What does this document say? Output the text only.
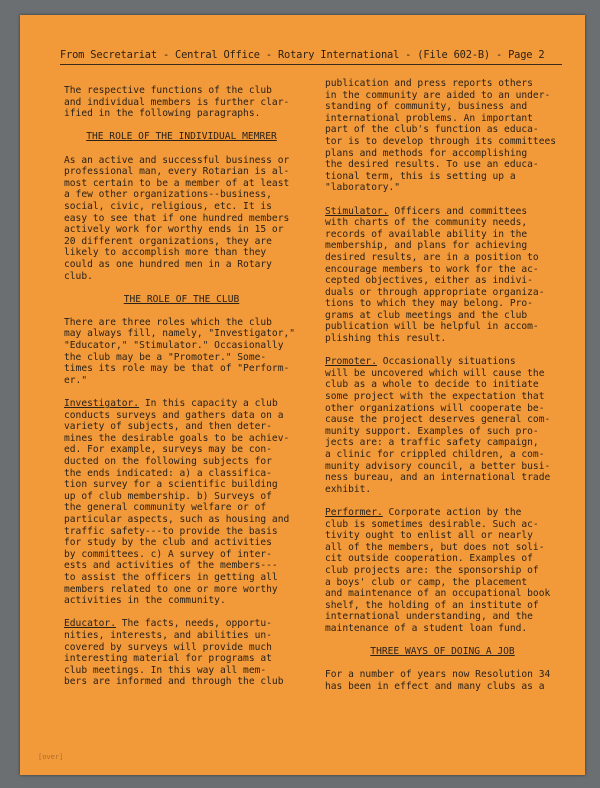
From Secretariat - Central Office - Rotary International - (File 602-B) - Page 2

The respective functions of the club
and individual members is further clar-
ified in the following paragraphs.

THE ROLE OF THE INDIVIDUAL MEMRER

As an active and successful business or
professional man, every Rotarian is al-
most certain to be a member of at least
a few other organizations--business,
social, civic, religious, etc. It is
easy to see that if one hundred members
actively work for worthy ends in 15 or
20 different organizations, they are
likely to accomplish more than they
could as one hundred men in a Rotary
club.

THE ROLE OF THE CLUB

There are three roles which the club
may always fill, namely, "Investigator,"
"Educator," "Stimulator." Occasionally
the club may be a "Promoter." Some-
times its role may be that of "Perform-
er."

Investigator. In this capacity a club
conducts surveys and gathers data on a
variety of subjects, and then deter-
mines the desirable goals to be achiev-
ed. For example, surveys may be con-
ducted on the following subjects for
the ends indicated: a) a classifica-
tion survey for a scientific building
up of club membership. b) Surveys of
the general community welfare or of
particular aspects, such as housing and
traffic safety---to provide the basis
for study by the club and activities
by committees. c) A survey of inter-
ests and activities of the members---
to assist the officers in getting all
members related to one or more worthy
activities in the community.

Educator. The facts, needs, opportu-
nities, interests, and abilities un-
covered by surveys will provide much
interesting material for programs at
club meetings. In this way all mem-
bers are informed and through the club

publication and press reports others
in the community are aided to an under-
standing of community, business and
international problems. An important
part of the club's function as educa-
tor is to develop through its committees
plans and methods for accomplishing
the desired results. To use an educa-
tional term, this is setting up a
"laboratory."

Stimulator. Officers and committees
with charts of the community needs,
records of available ability in the
membership, and plans for achieving
desired results, are in a position to
encourage members to work for the ac-
cepted objectives, either as indivi-
duals or through appropriate organiza-
tions to which they may belong. Pro-
grams at club meetings and the club
publication will be helpful in accom-
plishing this result.

Promoter. Occasionally situations
will be uncovered which will cause the
club as a whole to decide to initiate
some project with the expectation that
other organizations will cooperate be-
cause the project deserves general com-
munity support. Examples of such pro-
jects are: a traffic safety campaign,
a clinic for crippled children, a com-
munity advisory council, a better busi-
ness bureau, and an international trade
exhibit.

Performer. Corporate action by the
club is sometimes desirable. Such ac-
tivity ought to enlist all or nearly
all of the members, but does not soli-
cit outside cooperation. Examples of
club projects are: the sponsorship of
a boys' club or camp, the placement
and maintenance of an occupational book
shelf, the holding of an institute of
international understanding, and the
maintenance of a student loan fund.

THREE WAYS OF DOING A JOB

For a number of years now Resolution 34
has been in effect and many clubs as a

[over]
